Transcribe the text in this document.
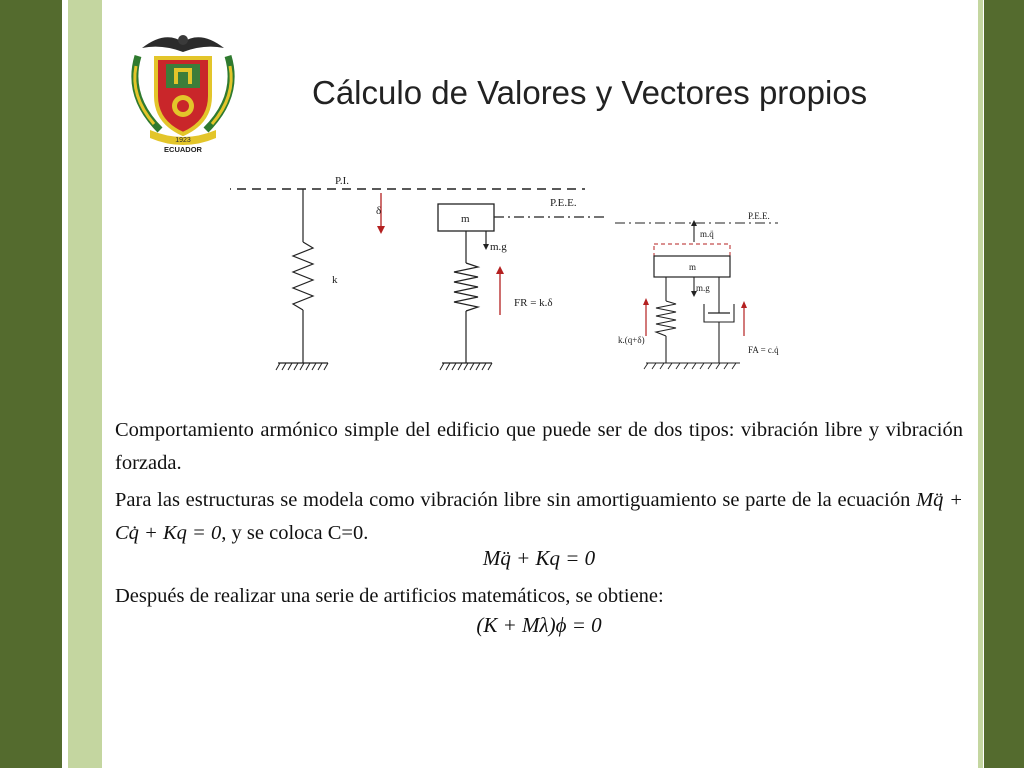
1923
ECUADOR
Cálculo de Valores y Vectores propios
P.I.
k
δ
m
P.E.E.
m.g
FR = k.δ
P.E.E.
m.q̈
m
m.g
k.(q+δ)
FA = c.q̇

Comportamiento armónico simple del edificio que puede ser de dos tipos: vibración libre y vibración forzada.

Para las estructuras se modela como vibración libre sin amortiguamiento se parte de la ecuación Mq̈ + Cq̇ + Kq = 0, y se coloca C=0.

Mq̈ + Kq = 0

Después de realizar una serie de artificios matemáticos, se obtiene:

(K + Mλ)ϕ = 0
